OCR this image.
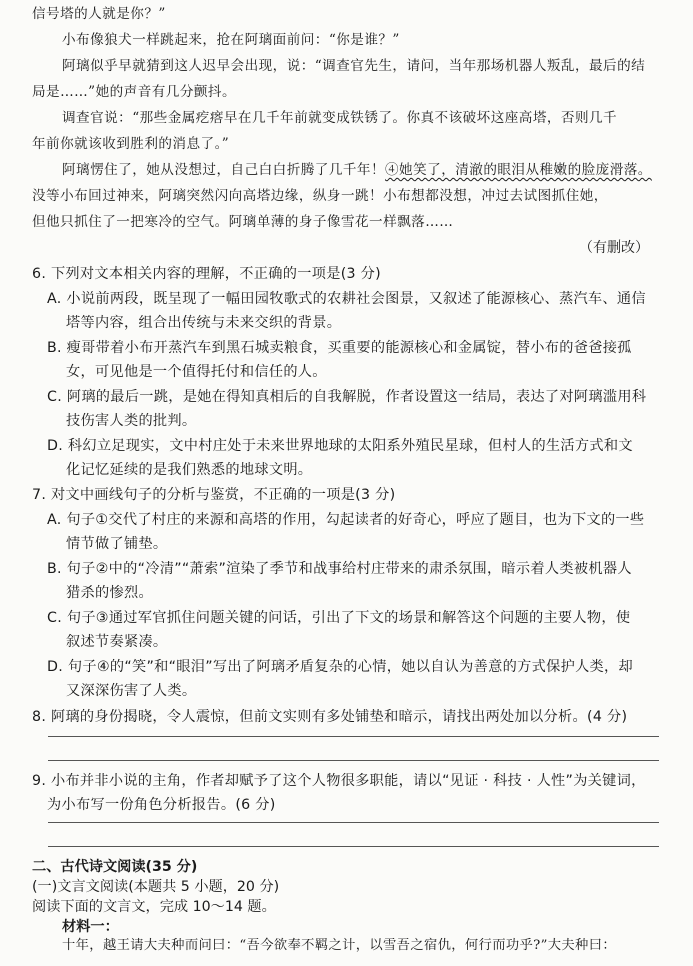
信号塔的人就是你？”

小布像狼犬一样跳起来，抢在阿璃面前问：“你是谁？”

阿璃似乎早就猜到这人迟早会出现，说：“调查官先生，请问，当年那场机器人叛乱，最后的结

局是……”她的声音有几分颤抖。

调查官说：“那些金属疙瘩早在几千年前就变成铁锈了。你真不该破坏这座高塔，否则几千

年前你就该收到胜利的消息了。”

阿璃愣住了，她从没想过，自己白白折腾了几千年！④她笑了，清澈的眼泪从稚嫩的脸庞滑落。

没等小布回过神来，阿璃突然闪向高塔边缘，纵身一跳！小布想都没想，冲过去试图抓住她，

但他只抓住了一把寒冷的空气。阿璃单薄的身子像雪花一样飘落……

（有删改）
6. 下列对文本相关内容的理解，不正确的一项是(3 分)
A. 小说前两段，既呈现了一幅田园牧歌式的农耕社会图景，又叙述了能源核心、蒸汽车、通信
塔等内容，组合出传统与未来交织的背景。
B. 瘦哥带着小布开蒸汽车到黑石城卖粮食，买重要的能源核心和金属锭，替小布的爸爸接孤
女，可见他是一个值得托付和信任的人。
C. 阿璃的最后一跳，是她在得知真相后的自我解脱，作者设置这一结局，表达了对阿璃滥用科
技伤害人类的批判。
D. 科幻立足现实，文中村庄处于未来世界地球的太阳系外殖民星球，但村人的生活方式和文
化记忆延续的是我们熟悉的地球文明。
7. 对文中画线句子的分析与鉴赏，不正确的一项是(3 分)
A. 句子①交代了村庄的来源和高塔的作用，勾起读者的好奇心，呼应了题目，也为下文的一些
情节做了铺垫。
B. 句子②中的“冷清”“萧索”渲染了季节和战事给村庄带来的肃杀氛围，暗示着人类被机器人
猎杀的惨烈。
C. 句子③通过军官抓住问题关键的问话，引出了下文的场景和解答这个问题的主要人物，使
叙述节奏紧凑。
D. 句子④的“笑”和“眼泪”写出了阿璃矛盾复杂的心情，她以自认为善意的方式保护人类，却
又深深伤害了人类。
8. 阿璃的身份揭晓，令人震惊，但前文实则有多处铺垫和暗示，请找出两处加以分析。(4 分)
9. 小布并非小说的主角，作者却赋予了这个人物很多职能，请以“见证 · 科技 · 人性”为关键词，
为小布写一份角色分析报告。(6 分)
二、古代诗文阅读(35 分)
(一)文言文阅读(本题共 5 小题，20 分)
阅读下面的文言文，完成 10～14 题。
材料一：

十年，越王请大夫种而问曰：“吾今欲奉不羁之计，以雪吾之宿仇，何行而功乎?”大夫种曰：
